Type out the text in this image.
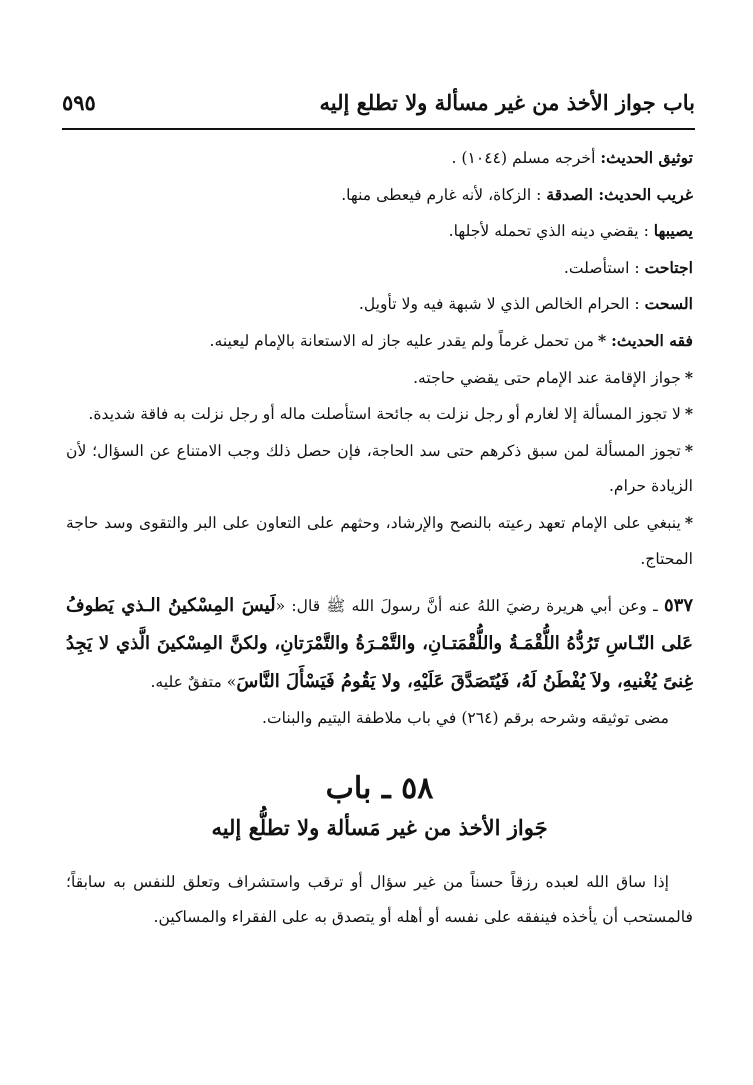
باب جواز الأخذ من غير مسألة ولا تطلع إليه
٥٩٥

توثيق الحديث: أخرجه مسلم (١٠٤٤) .

غريب الحديث: الصدقة : الزكاة، لأنه غارم فيعطى منها.

يصيبها : يقضي دينه الذي تحمله لأجلها.

اجتاحت : استأصلت.

السحت : الحرام الخالص الذي لا شبهة فيه ولا تأويل.

فقه الحديث: *من تحمل غرماً ولم يقدر عليه جاز له الاستعانة بالإمام ليعينه.

*جواز الإقامة عند الإمام حتى يقضي حاجته.

*لا تجوز المسألة إلا لغارم أو رجل نزلت به جائحة استأصلت ماله أو رجل نزلت به فاقة شديدة.

*تجوز المسألة لمن سبق ذكرهم حتى سد الحاجة، فإن حصل ذلك وجب الامتناع عن السؤال؛ لأن الزيادة حرام.

*ينبغي على الإمام تعهد رعيته بالنصح والإرشاد، وحثهم على التعاون على البر والتقوى وسد حاجة المحتاج.

٥٣٧ ـ وعن أبي هريرة رضيَ اللهُ عنه أنَّ رسولَ الله ﷺ قال: «لَيسَ المِسْكينُ الـذي يَطوفُ عَلى النّـاسِ تَرُدُّهُ اللُّقْمَـةُ واللُّقْمَتـانِ، والتَّمْـرَةُ والتَّمْرَتانِ، ولكنَّ المِسْكينَ الَّذي لا يَجِدُ غِنىً يُغْنيهِ، ولاَ يُفْطَنُ لَهُ، فَيُتَصَدَّقَ عَلَيْهِ، ولا يَقُومُ فَيَسْأَلَ النَّاسَ» متفقٌ عليه.

مضى توثيقه وشرحه برقم (٢٦٤) في باب ملاطفة اليتيم والبنات.

٥٨ ـ باب
جَواز الأخذ من غير مَسألة ولا تطلُّع إليه

إذا ساق الله لعبده رزقاً حسناً من غير سؤال أو ترقب واستشراف وتعلق للنفس به سابقاً؛ فالمستحب أن يأخذه فينفقه على نفسه أو أهله أو يتصدق به على الفقراء والمساكين.
